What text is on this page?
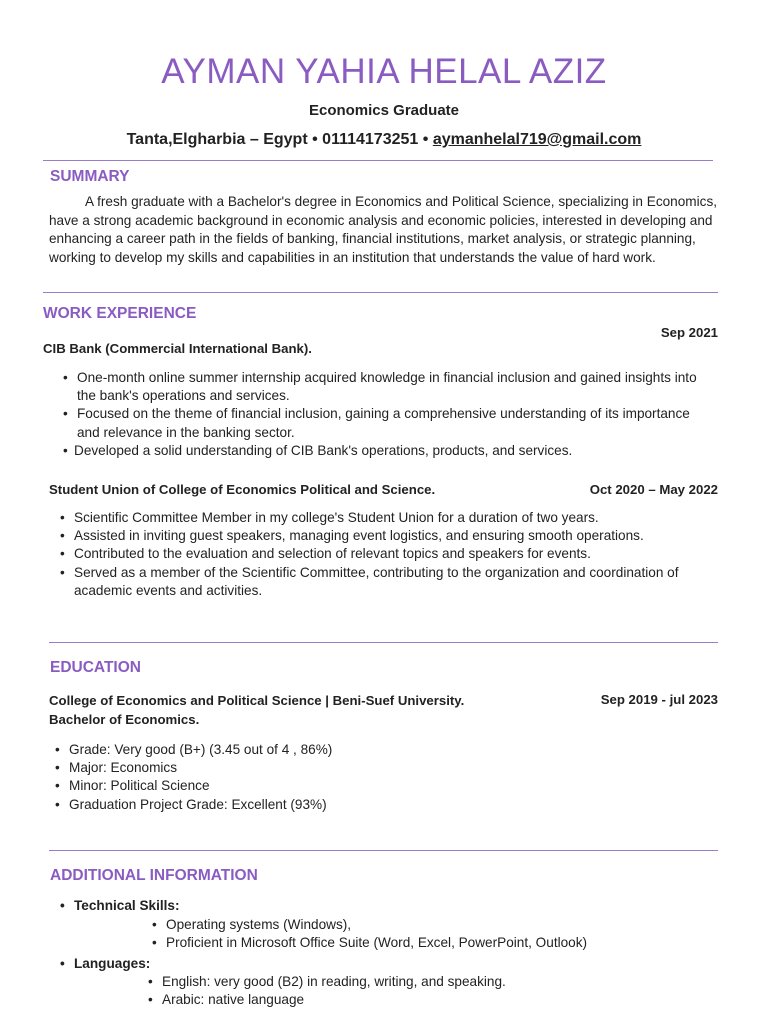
AYMAN YAHIA HELAL AZIZ
Economics Graduate
Tanta,Elgharbia – Egypt • 01114173251 • aymanhelal719@gmail.com
SUMMARY
A fresh graduate with a Bachelor's degree in Economics and Political Science, specializing in Economics, have a strong academic background in economic analysis and economic policies, interested in developing and enhancing a career path in the fields of banking, financial institutions, market analysis, or strategic planning, working to develop my skills and capabilities in an institution that understands the value of hard work.
WORK EXPERIENCE
Sep 2021
CIB Bank (Commercial International Bank).
• One-month online summer internship acquired knowledge in financial inclusion and gained insights into the bank's operations and services.
• Focused on the theme of financial inclusion, gaining a comprehensive understanding of its importance and relevance in the banking sector.
• Developed a solid understanding of CIB Bank's operations, products, and services.
Student Union of College of Economics Political and Science.	Oct 2020 – May 2022
• Scientific Committee Member in my college's Student Union for a duration of two years.
• Assisted in inviting guest speakers, managing event logistics, and ensuring smooth operations.
• Contributed to the evaluation and selection of relevant topics and speakers for events.
• Served as a member of the Scientific Committee, contributing to the organization and coordination of academic events and activities.
EDUCATION
College of Economics and Political Science | Beni-Suef University.	Sep 2019 - jul 2023
Bachelor of Economics.
• Grade: Very good (B+) (3.45 out of 4 , 86%)
• Major: Economics
• Minor: Political Science
• Graduation Project Grade: Excellent (93%)
ADDITIONAL INFORMATION
• Technical Skills:
• Operating systems (Windows),
• Proficient in Microsoft Office Suite (Word, Excel, PowerPoint, Outlook)
• Languages:
• English: very good (B2) in reading, writing, and speaking.
• Arabic: native language
